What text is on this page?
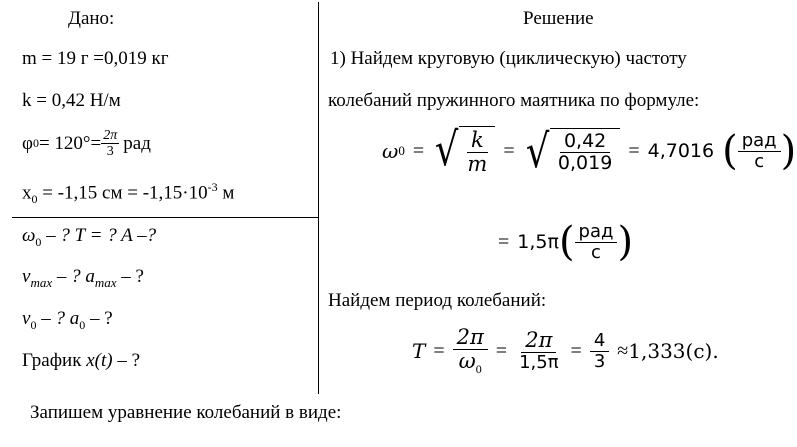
Дано:
m = 19 г =0,019 кг
k = 0,42 Н/м
φ $0 = 120^\circ= \frac{2\pi}{3}$ рад
$x_0 = -1,15$ см = $-1,15\cdot 10^{-3}$ м
$\omega_0$ – ? T = ? A –?
$v_{max}$ – ? $a_{max}$ – ?
$v_0$ – ? $a_0$ – ?
График x(t) – ?
Решение
1) Найдем круговую (циклическую) частоту
колебаний пружинного маятника по формуле:
ω 0 = √ $\frac{k}{m}$ = √ $\frac{0,42}{0,019} = 4,7016$ ( $\frac{\text{рад}}{с}$ )
= 1,5π ( $\frac{\text{рад}}{с}$ )
Найдем период колебаний:
$T = \frac{2\pi}{\omega_0} = \frac{2\pi}{1,5\pi} = \frac{4}{3} \approx 1,333(с)$.
Запишем уравнение колебаний в виде:
